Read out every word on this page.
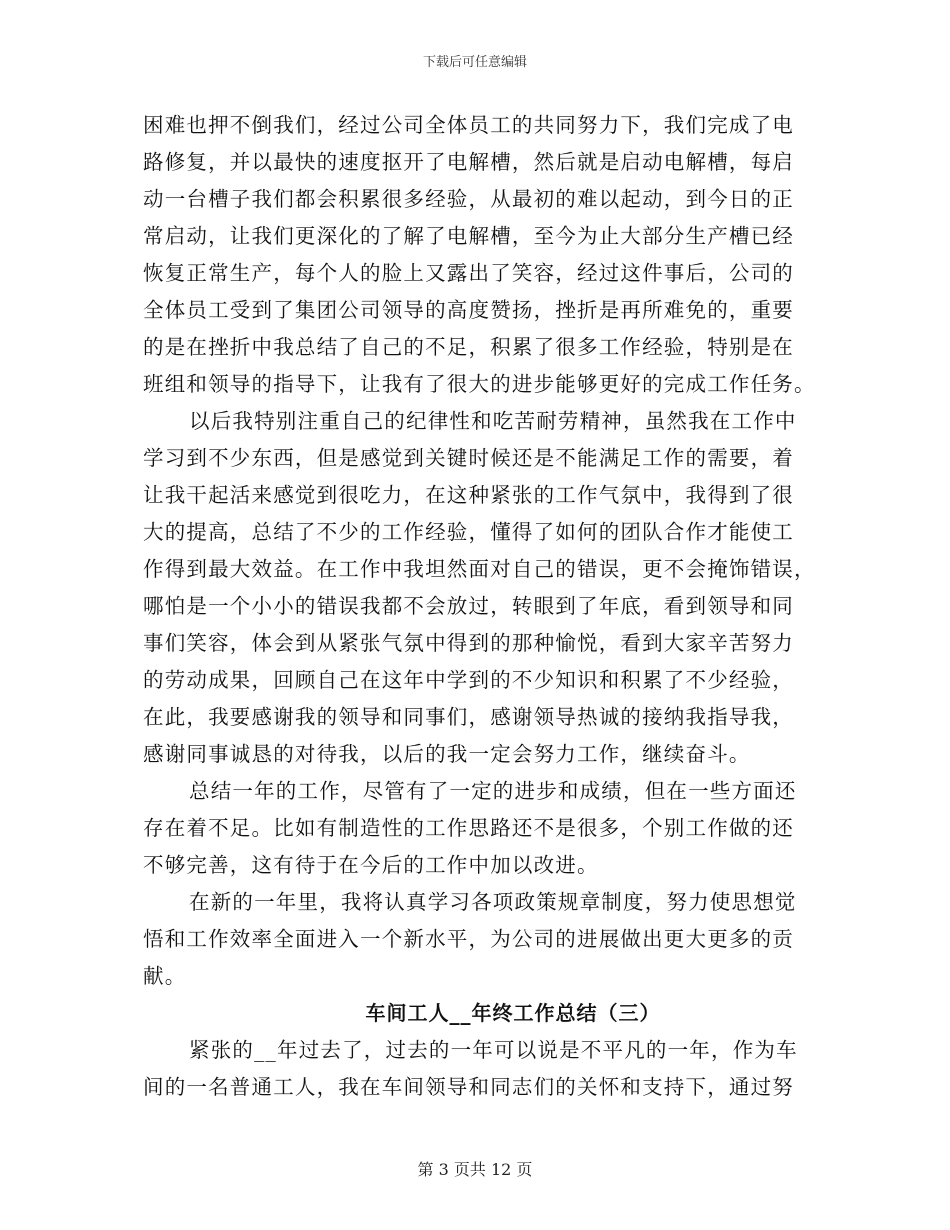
下载后可任意编辑
困难也押不倒我们，经过公司全体员工的共同努力下，我们完成了电
路修复，并以最快的速度抠开了电解槽，然后就是启动电解槽，每启
动一台槽子我们都会积累很多经验，从最初的难以起动，到今日的正
常启动，让我们更深化的了解了电解槽，至今为止大部分生产槽已经
恢复正常生产，每个人的脸上又露出了笑容，经过这件事后，公司的
全体员工受到了集团公司领导的高度赞扬，挫折是再所难免的，重要
的是在挫折中我总结了自己的不足，积累了很多工作经验，特别是在
班组和领导的指导下，让我有了很大的进步能够更好的完成工作任务。
以后我特别注重自己的纪律性和吃苦耐劳精神，虽然我在工作中
学习到不少东西，但是感觉到关键时候还是不能满足工作的需要，着
让我干起活来感觉到很吃力，在这种紧张的工作气氛中，我得到了很
大的提高，总结了不少的工作经验，懂得了如何的团队合作才能使工
作得到最大效益。在工作中我坦然面对自己的错误，更不会掩饰错误，
哪怕是一个小小的错误我都不会放过，转眼到了年底，看到领导和同
事们笑容，体会到从紧张气氛中得到的那种愉悦，看到大家辛苦努力
的劳动成果，回顾自己在这年中学到的不少知识和积累了不少经验，
在此，我要感谢我的领导和同事们，感谢领导热诚的接纳我指导我，
感谢同事诚恳的对待我，以后的我一定会努力工作，继续奋斗。
总结一年的工作，尽管有了一定的进步和成绩，但在一些方面还
存在着不足。比如有制造性的工作思路还不是很多，个别工作做的还
不够完善，这有待于在今后的工作中加以改进。
在新的一年里，我将认真学习各项政策规章制度，努力使思想觉
悟和工作效率全面进入一个新水平，为公司的进展做出更大更多的贡
献。
车间工人__年终工作总结（三）
紧张的__年过去了，过去的一年可以说是不平凡的一年，作为车
间的一名普通工人，我在车间领导和同志们的关怀和支持下，通过努
第 3 页共 12 页
